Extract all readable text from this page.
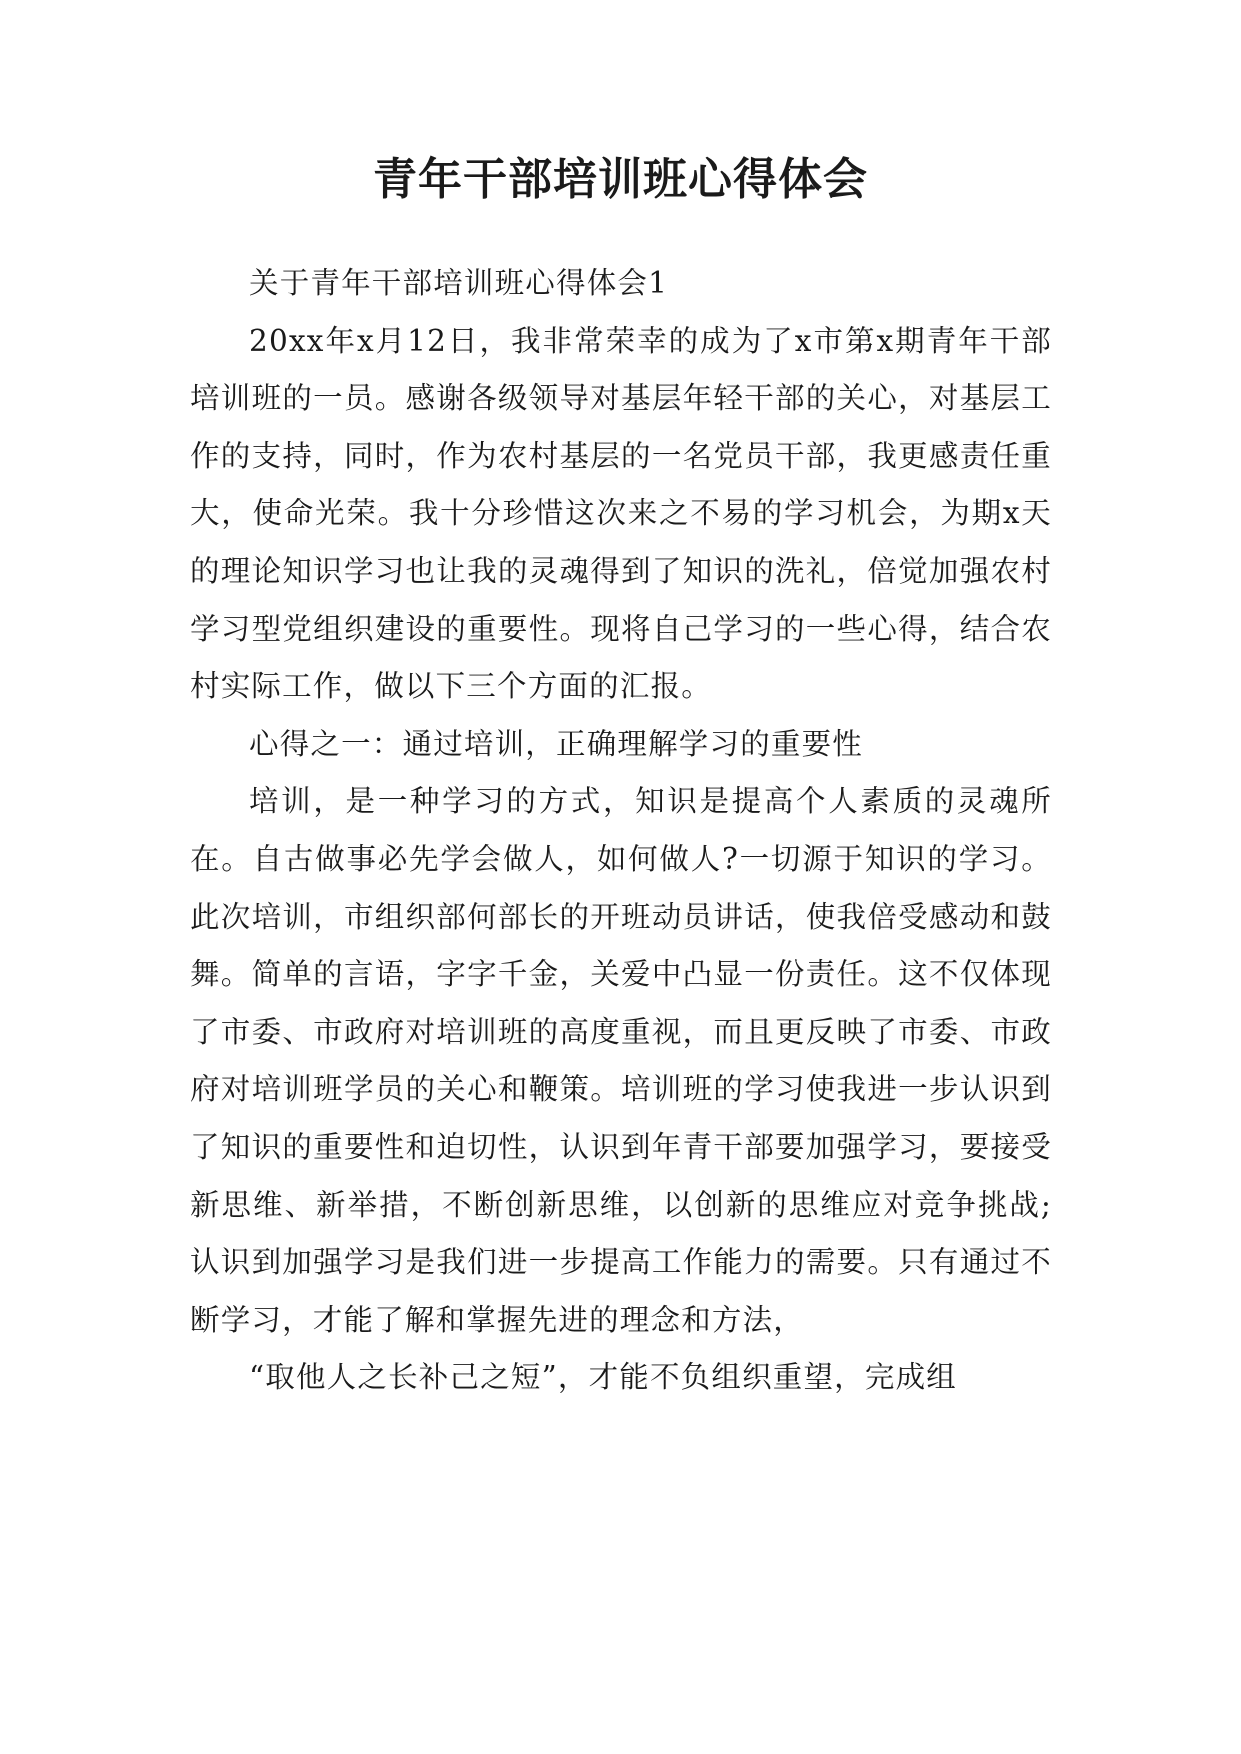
青年干部培训班心得体会

关于青年干部培训班心得体会1

20xx年x月12日，我非常荣幸的成为了x市第x期青年干部培训班的一员。感谢各级领导对基层年轻干部的关心，对基层工作的支持，同时，作为农村基层的一名党员干部，我更感责任重大，使命光荣。我十分珍惜这次来之不易的学习机会，为期x天的理论知识学习也让我的灵魂得到了知识的洗礼，倍觉加强农村学习型党组织建设的重要性。现将自己学习的一些心得，结合农村实际工作，做以下三个方面的汇报。

心得之一：通过培训，正确理解学习的重要性

培训，是一种学习的方式，知识是提高个人素质的灵魂所在。自古做事必先学会做人，如何做人?一切源于知识的学习。此次培训，市组织部何部长的开班动员讲话，使我倍受感动和鼓舞。简单的言语，字字千金，关爱中凸显一份责任。这不仅体现了市委、市政府对培训班的高度重视，而且更反映了市委、市政府对培训班学员的关心和鞭策。培训班的学习使我进一步认识到了知识的重要性和迫切性，认识到年青干部要加强学习，要接受新思维、新举措，不断创新思维，以创新的思维应对竞争挑战;认识到加强学习是我们进一步提高工作能力的需要。只有通过不断学习，才能了解和掌握先进的理念和方法，

“取他人之长补己之短”，才能不负组织重望，完成组
